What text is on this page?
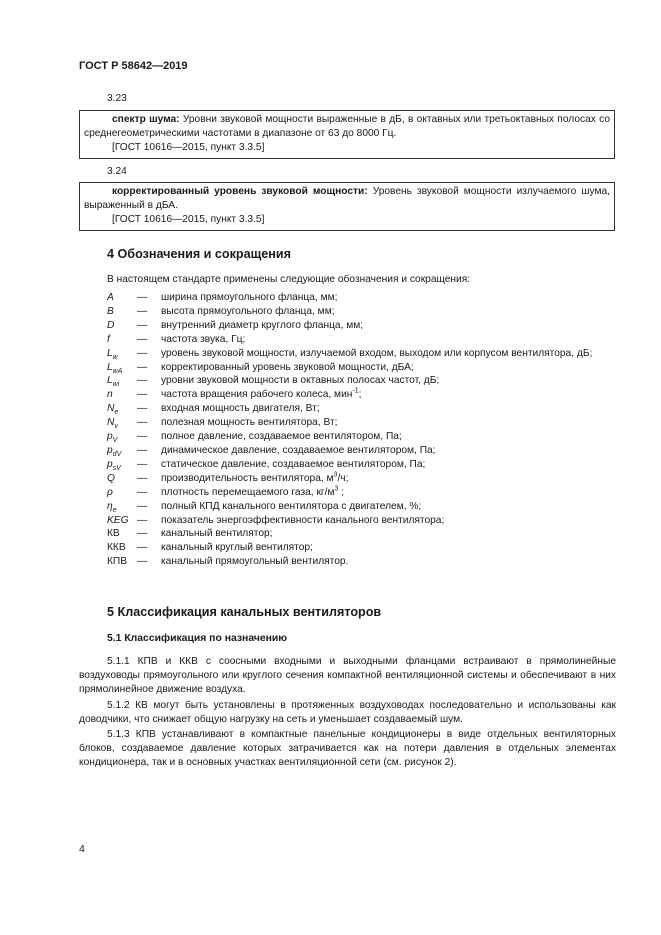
ГОСТ Р 58642—2019
3.23

спектр шума: Уровни звуковой мощности выраженные в дБ, в октавных или третьоктавных полосах со среднегеометрическими частотами в диапазоне от 63 до 8000 Гц.

[ГОСТ 10616—2015, пункт 3.3.5]

3.24

корректированный уровень звуковой мощности: Уровень звуковой мощности излучаемого шума, выраженный в дБА.

[ГОСТ 10616—2015, пункт 3.3.5]

4 Обозначения и сокращения
В настоящем стандарте применены следующие обозначения и сокращения:
A	—	ширина прямоугольного фланца, мм;
B	—	высота прямоугольного фланца, мм;
D	—	внутренний диаметр круглого фланца, мм;
f	—	частота звука, Гц;
$L_w$	—	уровень звуковой мощности, излучаемой входом, выходом или корпусом вентилятора, дБ;
$L_{wA}$	—	корректированный уровень звуковой мощности, дБА;
$L_{wi}$	—	уровни звуковой мощности в октавных полосах частот, дБ;
n	—	частота вращения рабочего колеса, мин$^{-1}$;
$N_e$	—	входная мощность двигателя, Вт;
$N_v$	—	полезная мощность вентилятора, Вт;
$p_V$	—	полное давление, создаваемое вентилятором, Па;
$p_{dV}$	—	динамическое давление, создаваемое вентилятором, Па;
$p_{sV}$	—	статическое давление, создаваемое вентилятором, Па;
Q	—	производительность вентилятора, $м^3/ч$;
ρ	—	плотность перемещаемого газа, $кг/м^3$ ;
$\eta_e$	—	полный КПД канального вентилятора с двигателем, %;
KEG —	показатель энергоэффективности канального вентилятора;
КВ	—	канальный вентилятор;
ККВ	—	канальный круглый вентилятор;
КПВ —	канальный прямоугольный вентилятор.
5 Классификация канальных вентиляторов
5.1 Классификация по назначению

5.1.1 КПВ и ККВ с соосными входными и выходными фланцами встраивают в прямолинейные воздуховоды прямоугольного или круглого сечения компактной вентиляционной системы и обеспечивают в них прямолинейное движение воздуха.

5.1.2 КВ могут быть установлены в протяженных воздуховодах последовательно и использованы как доводчики, что снижает общую нагрузку на сеть и уменьшает создаваемый шум.

5.1.3 КПВ устанавливают в компактные панельные кондиционеры в виде отдельных вентиляторных блоков, создаваемое давление которых затрачивается как на потери давления в отдельных элементах кондиционера, так и в основных участках вентиляционной сети (см. рисунок 2).

4
